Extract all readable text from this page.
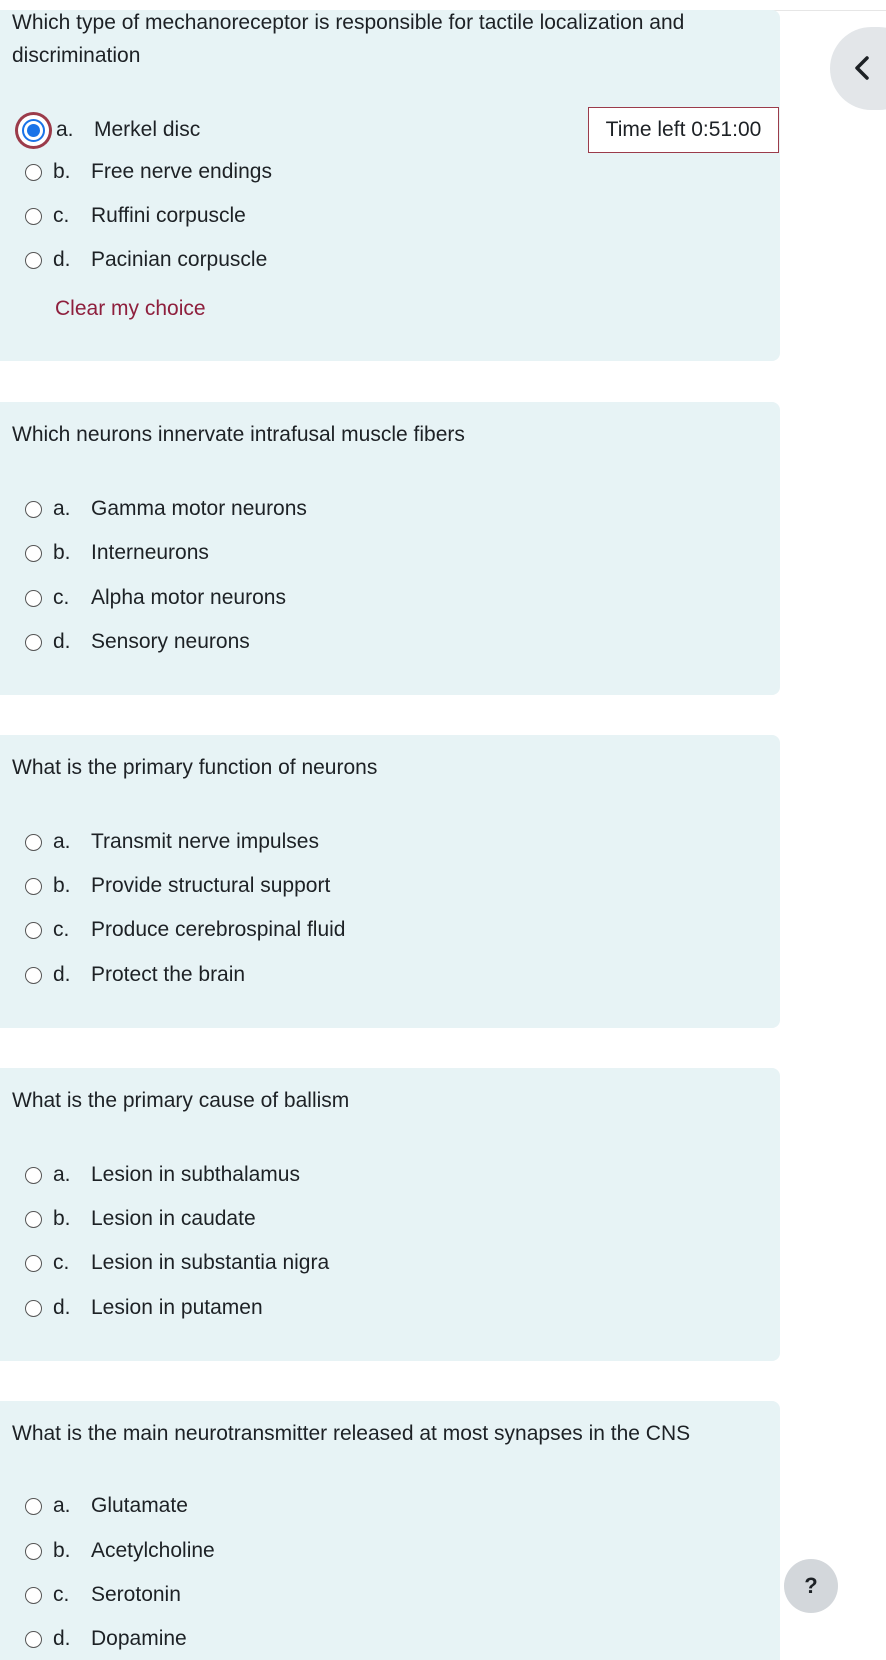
Which type of mechanoreceptor is responsible for tactile localization and discrimination
a. Merkel disc
b. Free nerve endings
c.	Ruffini corpuscle
d. Pacinian corpuscle
Clear my choice
Which neurons innervate intrafusal muscle fibers
a. Gamma motor neurons
b. Interneurons
c.	Alpha motor neurons
d. Sensory neurons
What is the primary function of neurons
a. Transmit nerve impulses
b. Provide structural support
c.	Produce cerebrospinal fluid
d. Protect the brain
What is the primary cause of ballism
a. Lesion in subthalamus
b. Lesion in caudate
c.	Lesion in substantia nigra
d. Lesion in putamen
What is the main neurotransmitter released at most synapses in the CNS
a. Glutamate
b. Acetylcholine
c.	Serotonin
d. Dopamine
Time left 0:51:00
?
